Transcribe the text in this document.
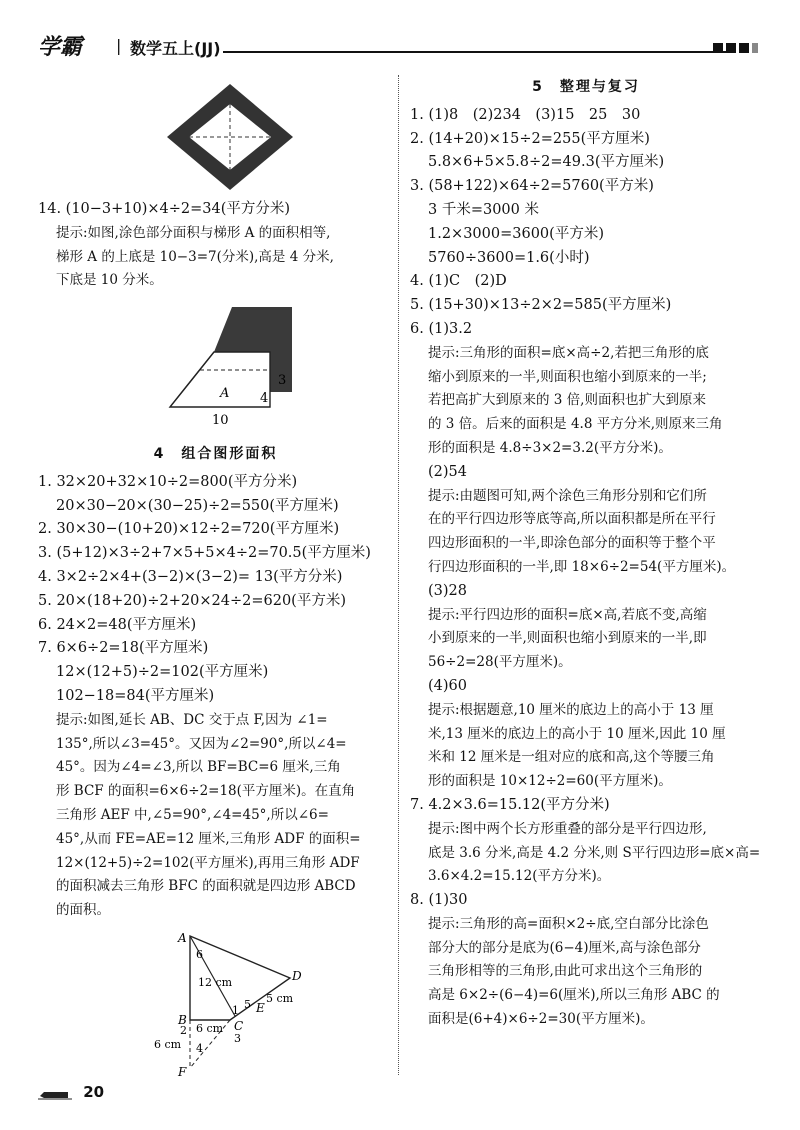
学霸 | 数学五上(JJ)

14. (10−3+10)×4÷2=34(平方分米)

提示:如图,涂色部分面积与梯形 A 的面积相等,

梯形 A 的上底是 10−3=7(分米),高是 4 分米,

下底是 10 分米。

A
3
4
10

4　组合图形面积

1. 32×20+32×10÷2=800(平方分米)

20×30−20×(30−25)÷2=550(平方厘米)

2. 30×30−(10+20)×12÷2=720(平方厘米)

3. (5+12)×3÷2+7×5+5×4÷2=70.5(平方厘米)

4. 3×2÷2×4+(3−2)×(3−2)= 13(平方分米)

5. 20×(18+20)÷2+20×24÷2=620(平方米)

6. 24×2=48(平方厘米)

7. 6×6÷2=18(平方厘米)

12×(12+5)÷2=102(平方厘米)

102−18=84(平方厘米)

提示:如图,延长 AB、DC 交于点 F,因为 ∠1=

135°,所以∠3=45°。又因为∠2=90°,所以∠4=

45°。因为∠4=∠3,所以 BF=BC=6 厘米,三角

形 BCF 的面积=6×6÷2=18(平方厘米)。在直角

三角形 AEF 中,∠5=90°,∠4=45°,所以∠6=

45°,从而 FE=AE=12 厘米,三角形 ADF 的面积=

12×(12+5)÷2=102(平方厘米),再用三角形 ADF

的面积减去三角形 BFC 的面积就是四边形 ABCD

的面积。

A
D
B	C
E
F
6
5
1
2
3
4
12 cm
5 cm
6 cm
6 cm

5　整理与复习

1. (1)8　(2)234　(3)15　25　30

2. (14+20)×15÷2=255(平方厘米)

5.8×6+5×5.8÷2=49.3(平方厘米)

3. (58+122)×64÷2=5760(平方米)

3 千米=3000 米

1.2×3000=3600(平方米)

5760÷3600=1.6(小时)

4. (1)C　(2)D

5. (15+30)×13÷2×2=585(平方厘米)

6. (1)3.2

提示:三角形的面积=底×高÷2,若把三角形的底

缩小到原来的一半,则面积也缩小到原来的一半;

若把高扩大到原来的 3 倍,则面积也扩大到原来

的 3 倍。后来的面积是 4.8 平方分米,则原来三角

形的面积是 4.8÷3×2=3.2(平方分米)。

(2)54

提示:由题图可知,两个涂色三角形分别和它们所

在的平行四边形等底等高,所以面积都是所在平行

四边形面积的一半,即涂色部分的面积等于整个平

行四边形面积的一半,即 18×6÷2=54(平方厘米)。

(3)28

提示:平行四边形的面积=底×高,若底不变,高缩

小到原来的一半,则面积也缩小到原来的一半,即

56÷2=28(平方厘米)。

(4)60

提示:根据题意,10 厘米的底边上的高小于 13 厘

米,13 厘米的底边上的高小于 10 厘米,因此 10 厘

米和 12 厘米是一组对应的底和高,这个等腰三角

形的面积是 10×12÷2=60(平方厘米)。

7. 4.2×3.6=15.12(平方分米)

提示:图中两个长方形重叠的部分是平行四边形,

底是 3.6 分米,高是 4.2 分米,则 S平行四边形=底×高=

3.6×4.2=15.12(平方分米)。

8. (1)30

提示:三角形的高=面积×2÷底,空白部分比涂色

部分大的部分是底为(6−4)厘米,高与涂色部分

三角形相等的三角形,由此可求出这个三角形的

高是 6×2÷(6−4)=6(厘米),所以三角形 ABC 的

面积是(6+4)×6÷2=30(平方厘米)。

20
